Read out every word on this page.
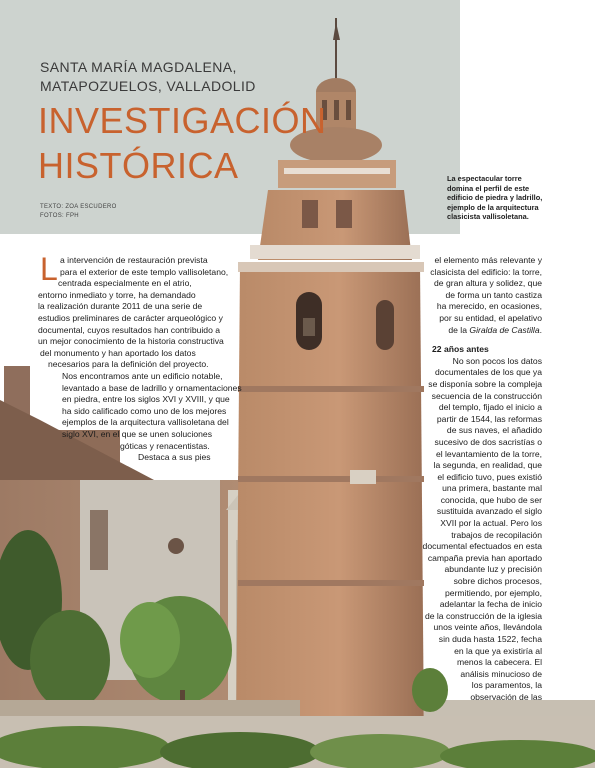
SANTA MARÍA MAGDALENA,
MATAPOZUELOS, VALLADOLID
INVESTIGACIÓN
HISTÓRICA
TEXTO: ZOA ESCUDERO
FOTOS: FPH
La espectacular torre
domina el perfil de este
edificio de piedra y ladrillo,
ejemplo de la arquitectura
clasicista vallisoletana.
L a intervención de restauración prevista
para el exterior de este templo vallisoletano,
centrada especialmente en el atrio,
entorno inmediato y torre, ha demandado
la realización durante 2011 de una serie de
estudios preliminares de carácter arqueológico y
documental, cuyos resultados han contribuido a
un mejor conocimiento de la historia constructiva
del monumento y han aportado los datos
necesarios para la definición del proyecto.
Nos encontramos ante un edificio notable,
levantado a base de ladrillo y ornamentaciones
en piedra, entre los siglos XVI y XVIII, y que
ha sido calificado como uno de los mejores
ejemplos de la arquitectura vallisoletana del
siglo XVI, en el que se unen soluciones
góticas y renacentistas.
Destaca a sus pies
el elemento más relevante y
clasicista del edificio: la torre,
de gran altura y solidez, que
de forma un tanto castiza
ha merecido, en ocasiones,
por su entidad, el apelativo
de la Giralda de Castilla.
22 años antes
No son pocos los datos
documentales de los que ya
se disponía sobre la compleja
secuencia de la construcción
del templo, fijado el inicio a
partir de 1544, las reformas
de sus naves, el añadido
sucesivo de dos sacristías o
el levantamiento de la torre,
la segunda, en realidad, que
el edificio tuvo, pues existió
una primera, bastante mal
conocida, que hubo de ser
sustituida avanzado el siglo
XVII por la actual. Pero los
trabajos de recopilación
documental efectuados en esta
campaña previa han aportado
abundante luz y precisión
sobre dichos procesos,
permitiendo, por ejemplo,
adelantar la fecha de inicio
de la construcción de la iglesia
unos veinte años, llevándola
sin duda hasta 1522, fecha
en la que ya existiría al
menos la cabecera. El
análisis minucioso de
los paramentos, la
observación de las
